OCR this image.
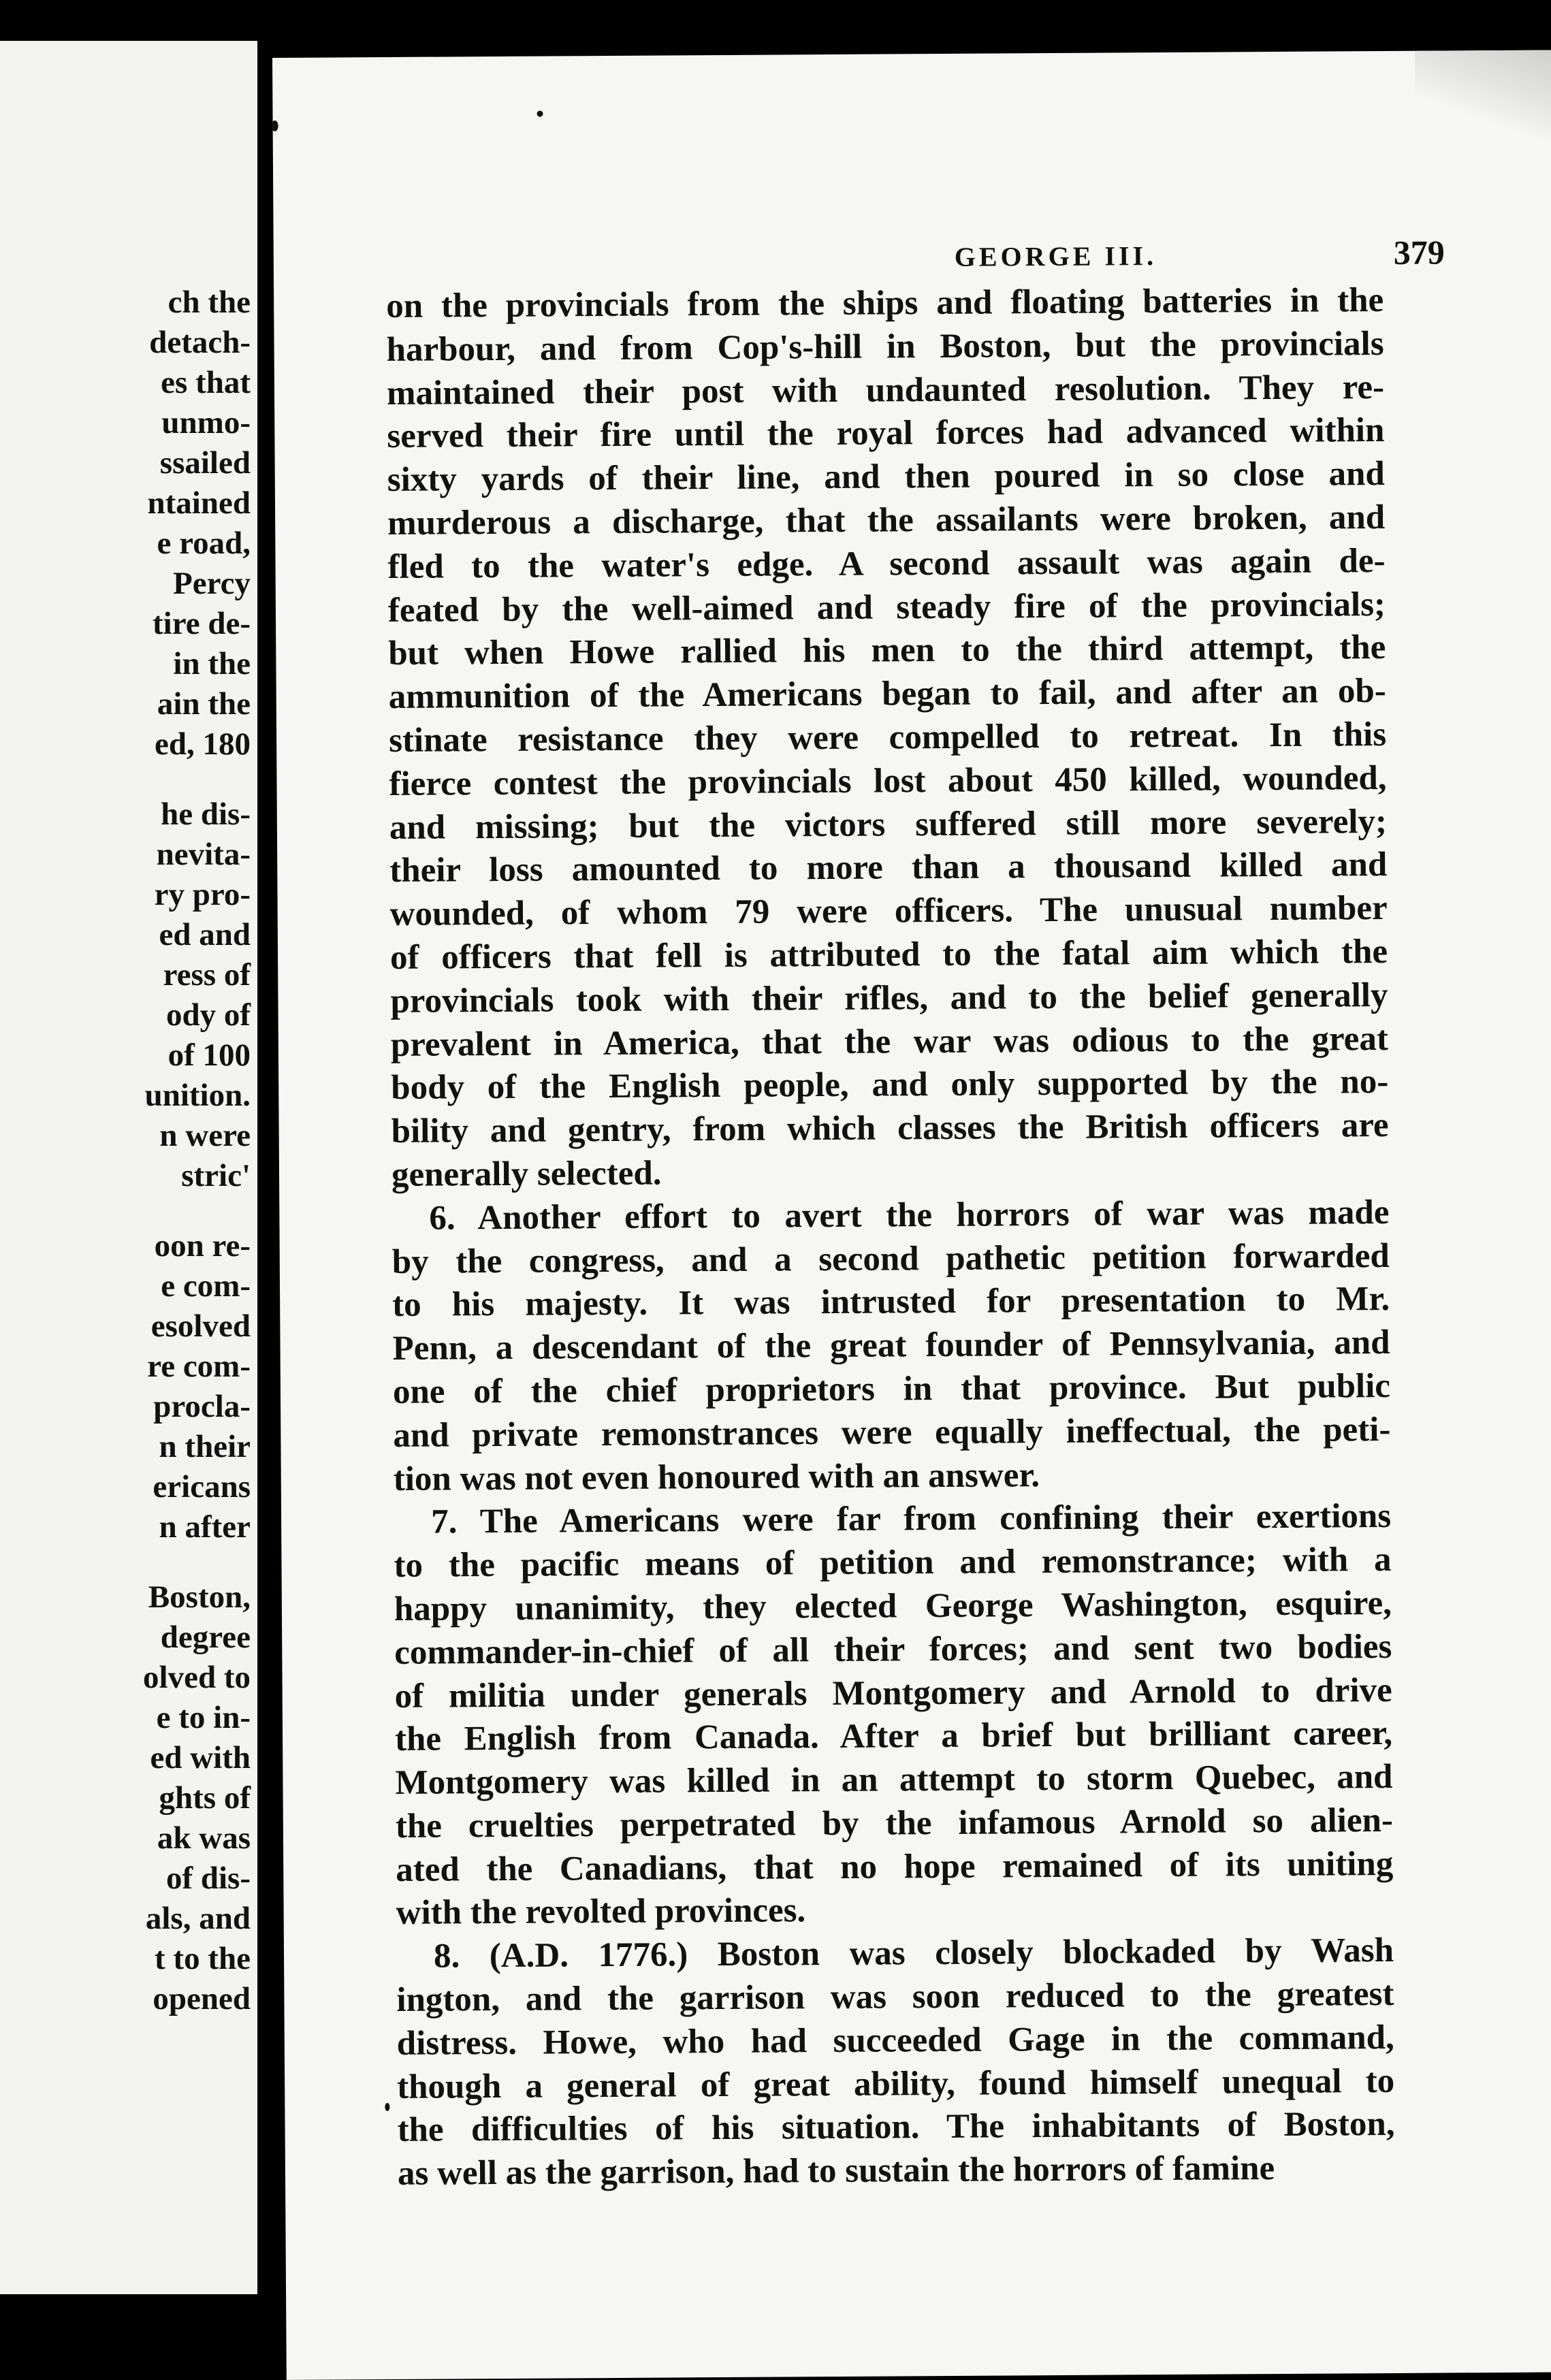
ch the
detach-
es that
unmo-
ssailed
ntained
e road,
Percy
tire de-
in the
ain the
ed, 180
he dis-
nevita-
ry pro-
ed and
ress of
ody of
of 100
unition.
n were
stric'
oon re-
e com-
esolved
re com-
procla-
n their
ericans
n after
Boston,
degree
olved to
e to in-
ed with
ghts of
ak was
of dis-
als, and
t to the
opened
GEORGE III.	379
on the provincials from the ships and floating batteries in the
harbour, and from Cop's-hill in Boston, but the provincials
maintained their post with undaunted resolution. They re-
served their fire until the royal forces had advanced within
sixty yards of their line, and then poured in so close and
murderous a discharge, that the assailants were broken, and
fled to the water's edge. A second assault was again de-
feated by the well-aimed and steady fire of the provincials;
but when Howe rallied his men to the third attempt, the
ammunition of the Americans began to fail, and after an ob-
stinate resistance they were compelled to retreat. In this
fierce contest the provincials lost about 450 killed, wounded,
and missing; but the victors suffered still more severely;
their loss amounted to more than a thousand killed and
wounded, of whom 79 were officers. The unusual number
of officers that fell is attributed to the fatal aim which the
provincials took with their rifles, and to the belief generally
prevalent in America, that the war was odious to the great
body of the English people, and only supported by the no-
bility and gentry, from which classes the British officers are
generally selected.
6. Another effort to avert the horrors of war was made
by the congress, and a second pathetic petition forwarded
to his majesty. It was intrusted for presentation to Mr.
Penn, a descendant of the great founder of Pennsylvania, and
one of the chief proprietors in that province. But public
and private remonstrances were equally ineffectual, the peti-
tion was not even honoured with an answer.
7. The Americans were far from confining their exertions
to the pacific means of petition and remonstrance; with a
happy unanimity, they elected George Washington, esquire,
commander-in-chief of all their forces; and sent two bodies
of militia under generals Montgomery and Arnold to drive
the English from Canada. After a brief but brilliant career,
Montgomery was killed in an attempt to storm Quebec, and
the cruelties perpetrated by the infamous Arnold so alien-
ated the Canadians, that no hope remained of its uniting
with the revolted provinces.
8. (A.D. 1776.) Boston was closely blockaded by Wash
ington, and the garrison was soon reduced to the greatest
distress. Howe, who had succeeded Gage in the command,
though a general of great ability, found himself unequal to
the difficulties of his situation. The inhabitants of Boston,
as well as the garrison, had to sustain the horrors of famine
